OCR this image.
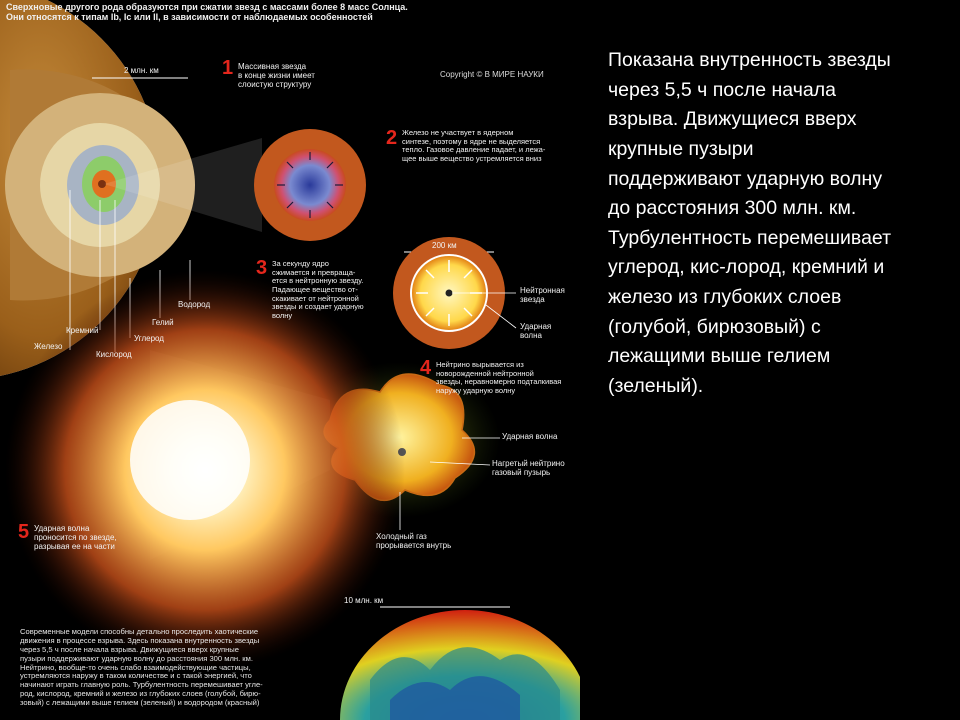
Сверхновые другого рода образуются при сжатии звезд с массами более 8 масс Солнца.
Они относятся к типам Ib, Ic или II, в зависимости от наблюдаемых особенностей
Copyright © В МИРЕ НАУКИ
2 млн. км	1 Массивная звезда
в конце жизни имеет
слоистую структуру
2 Железо не участвует в ядерном
синтезе, поэтому в ядре не выделяется
тепло. Газовое давление падает, и лежа-
щее выше вещество устремляется вниз
3 За секунду ядро
сжимается и превраща-
ется в нейтронную звезду.
Падающее вещество от-
скакивает от нейтронной
звезды и создает ударную
волну
200 км
Нейтронная
звезда
Ударная
волна
4 Нейтрино вырывается из
новорожденной нейтронной
звезды, неравномерно подталкивая
наружу ударную волну
Ударная волна
Нагретый нейтрино
газовый пузырь
Холодный газ
прорывается внутрь
5 Ударная волна
проносится по звезде,
разрывая ее на части
Водород
Гелий
Углерод
Кремний
Кислород
Железо
10 млн. км
Современные модели способны детально проследить хаотические
движения в процессе взрыва. Здесь показана внутренность звезды
через 5,5 ч после начала взрыва. Движущиеся вверх крупные
пузыри поддерживают ударную волну до расстояния 300 млн. км.
Нейтрино, вообще-то очень слабо взаимодействующие частицы,
устремляются наружу в таком количестве и с такой энергией, что
начинают играть главную роль. Турбулентность перемешивает угле-
род, кислород, кремний и железо из глубоких слоев (голубой, бирю-
зовый) с лежащими выше гелием (зеленый) и водородом (красный)
Показана внутренность звезды
через 5,5 ч после начала
взрыва. Движущиеся вверх
крупные пузыри
поддерживают ударную волну
до расстояния 300 млн. км.
Турбулентность перемешивает
углерод, кис-лород, кремний и
железо из глубоких слоев
(голубой, бирюзовый) с
лежащими выше гелием
(зеленый).
